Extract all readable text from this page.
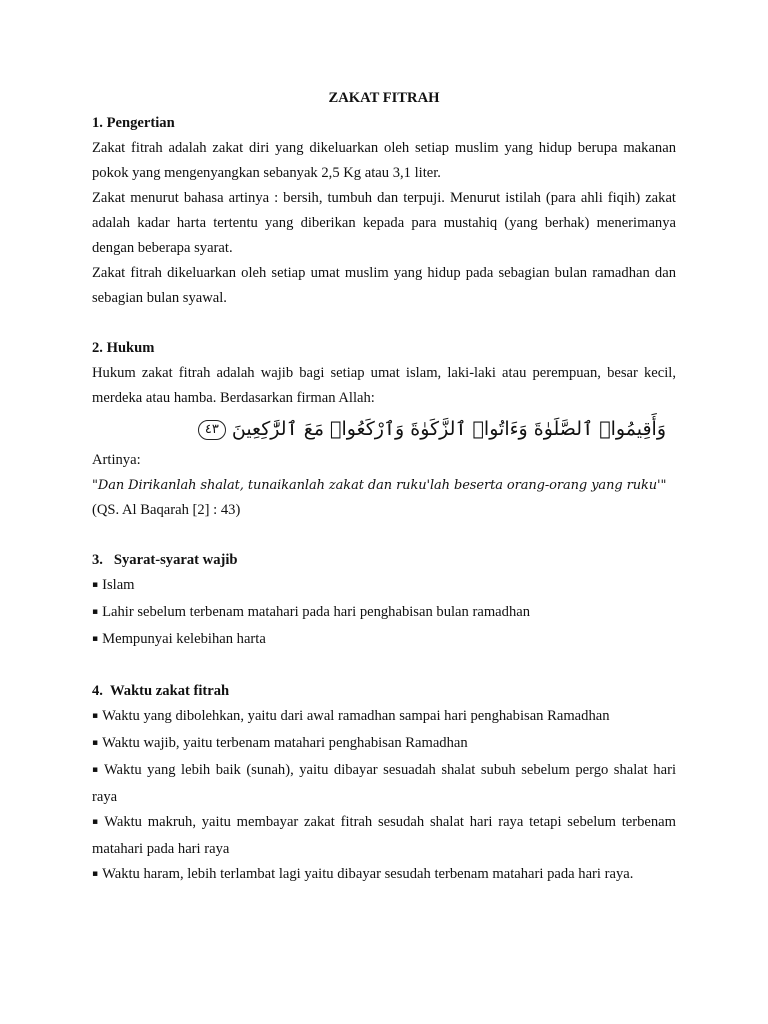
ZAKAT FITRAH
1. Pengertian

Zakat fitrah adalah zakat diri yang dikeluarkan oleh setiap muslim yang hidup berupa makanan pokok yang mengenyangkan sebanyak 2,5 Kg atau 3,1 liter.

Zakat menurut bahasa artinya : bersih, tumbuh dan terpuji. Menurut istilah (para ahli fiqih) zakat adalah kadar harta tertentu yang diberikan kepada para mustahiq (yang berhak) menerimanya dengan beberapa syarat.

Zakat fitrah dikeluarkan oleh setiap umat muslim yang hidup pada sebagian bulan ramadhan dan sebagian bulan syawal.

2. Hukum

Hukum zakat fitrah adalah wajib bagi setiap umat islam, laki-laki atau perempuan, besar kecil, merdeka atau hamba. Berdasarkan firman Allah:

وَأَقِيمُوا۟ ٱلصَّلَوٰةَ وَءَاتُوا۟ ٱلزَّكَوٰةَ وَٱرْكَعُوا۟ مَعَ ٱلرَّٰكِعِينَ ٤٣

Artinya:

"Dan Dirikanlah shalat, tunaikanlah zakat dan ruku'lah beserta orang-orang yang ruku'"

(QS. Al Baqarah [2] : 43)

3.   Syarat-syarat wajib
▪ Islam
▪ Lahir sebelum terbenam matahari pada hari penghabisan bulan ramadhan
▪ Mempunyai kelebihan harta
4.  Waktu zakat fitrah
▪ Waktu yang dibolehkan, yaitu dari awal ramadhan sampai hari penghabisan Ramadhan
▪ Waktu wajib, yaitu terbenam matahari penghabisan Ramadhan
▪ Waktu yang lebih baik (sunah), yaitu dibayar sesuadah shalat subuh sebelum pergo shalat hari raya
▪ Waktu makruh, yaitu membayar zakat fitrah sesudah shalat hari raya tetapi sebelum terbenam matahari pada hari raya
▪ Waktu haram, lebih terlambat lagi yaitu dibayar sesudah terbenam matahari pada hari raya.
